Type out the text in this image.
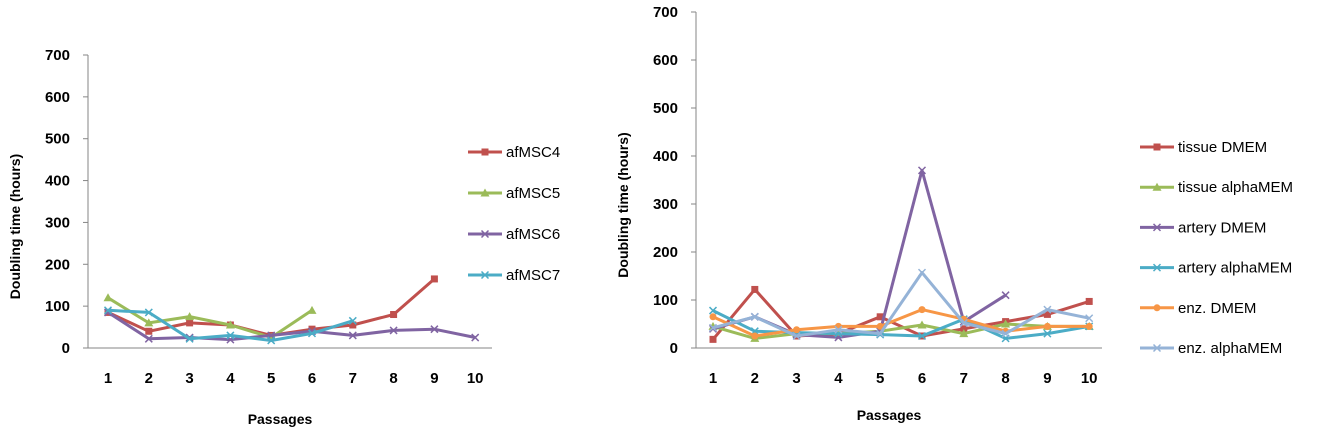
0
100
200
300
400
500
600
700
1 2 3 4 5 6 7 8 9 10
Passages
Doubling time (hours)
afMSC4
afMSC5
afMSC6
afMSC7
0
100
200
300
400
500
600
700
1 2 3 4 5 6 7 8 9 10
Passages
Doubling time (hours)	tissue DMEM
tissue alphaMEM
artery DMEM
artery alphaMEM
enz. DMEM
enz. alphaMEM
